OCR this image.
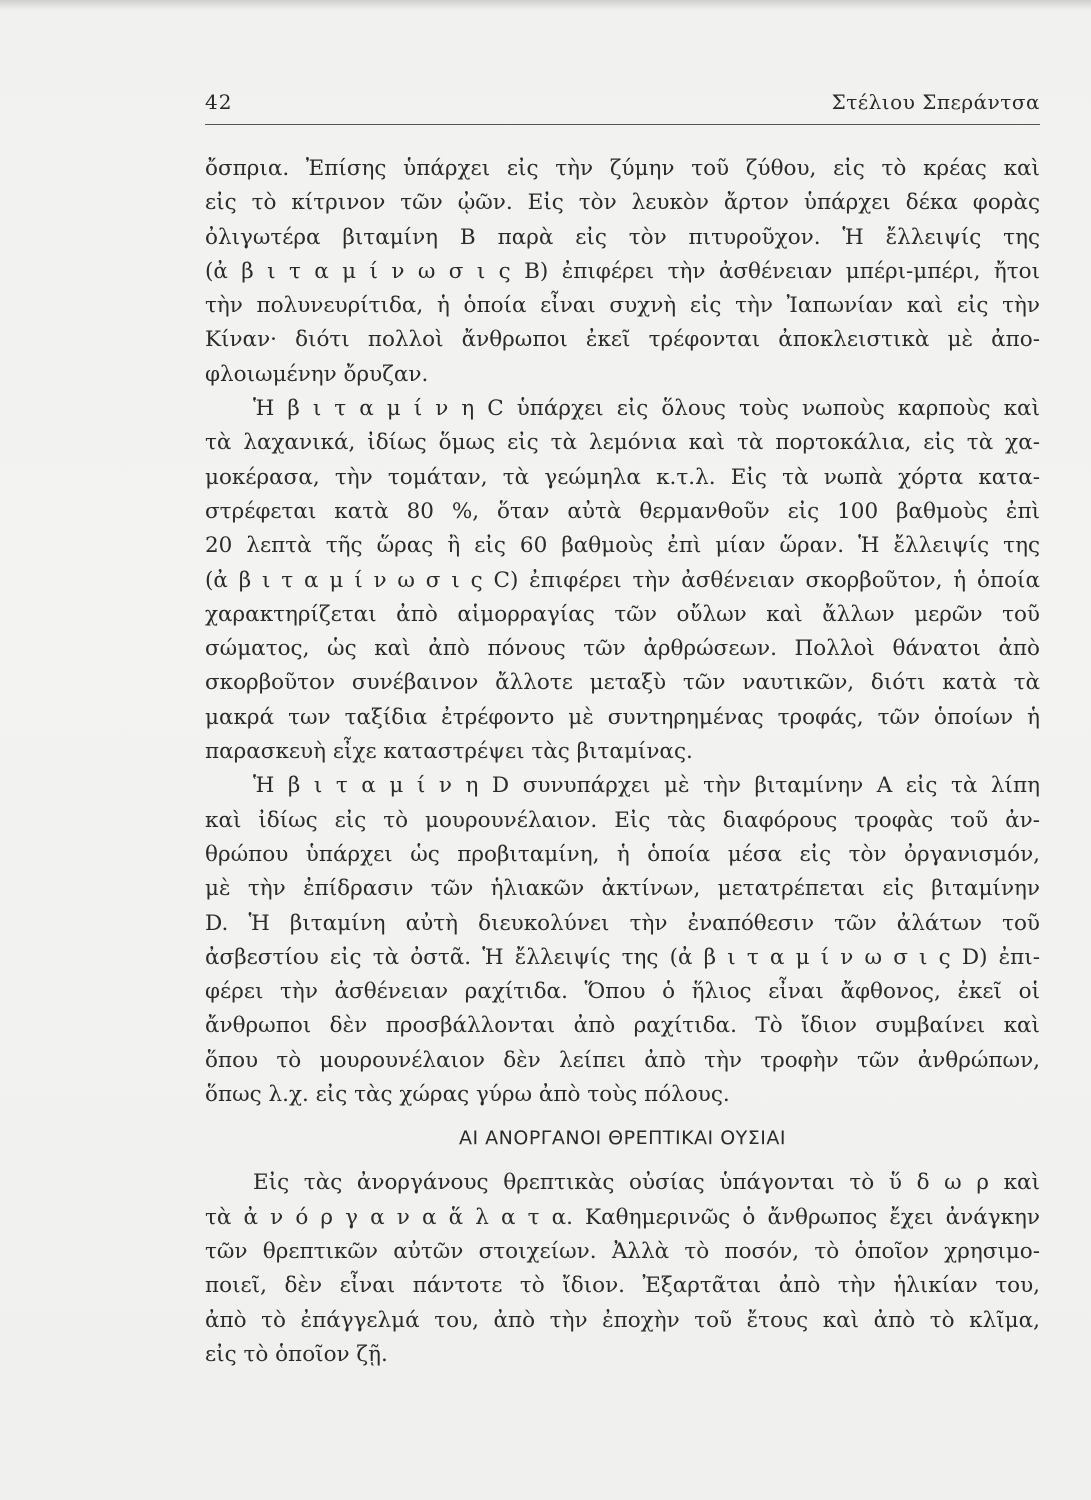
42	Στέλιου Σπεράντσα
ὄσπρια. Ἐπίσης ὑπάρχει εἰς τὴν ζύμην τοῦ ζύθου, εἰς τὸ κρέας καὶ
εἰς τὸ κίτρινον τῶν ᾠῶν. Εἰς τὸν λευκὸν ἄρτον ὑπάρχει δέκα φορὰς
ὀλιγωτέρα βιταμίνη B παρὰ εἰς τὸν πιτυροῦχον. Ἡ ἔλλειψίς της
(ἀ β ι τ α μ ί ν ω σ ι ς B) ἐπιφέρει τὴν ἀσθένειαν μπέρι-μπέρι, ἤτοι
τὴν πολυνευρίτιδα, ἡ ὁποία εἶναι συχνὴ εἰς τὴν Ἰαπωνίαν καὶ εἰς τὴν
Κίναν· διότι πολλοὶ ἄνθρωποι ἐκεῖ τρέφονται ἀποκλειστικὰ μὲ ἀπο-
φλοιωμένην ὄρυζαν.
Ἡ β ι τ α μ ί ν η C ὑπάρχει εἰς ὅλους τοὺς νωποὺς καρποὺς καὶ
τὰ λαχανικά, ἰδίως ὅμως εἰς τὰ λεμόνια καὶ τὰ πορτοκάλια, εἰς τὰ χα-
μοκέρασα, τὴν τομάταν, τὰ γεώμηλα κ.τ.λ. Εἰς τὰ νωπὰ χόρτα κατα-
στρέφεται κατὰ 80 %, ὅταν αὐτὰ θερμανθοῦν εἰς 100 βαθμοὺς ἐπὶ
20 λεπτὰ τῆς ὥρας ἢ εἰς 60 βαθμοὺς ἐπὶ μίαν ὥραν. Ἡ ἔλλειψίς της
(ἀ β ι τ α μ ί ν ω σ ι ς C) ἐπιφέρει τὴν ἀσθένειαν σκορβοῦτον, ἡ ὁποία
χαρακτηρίζεται ἀπὸ αἱμορραγίας τῶν οὔλων καὶ ἄλλων μερῶν τοῦ
σώματος, ὡς καὶ ἀπὸ πόνους τῶν ἀρθρώσεων. Πολλοὶ θάνατοι ἀπὸ
σκορβοῦτον συνέβαινον ἄλλοτε μεταξὺ τῶν ναυτικῶν, διότι κατὰ τὰ
μακρά των ταξίδια ἐτρέφοντο μὲ συντηρημένας τροφάς, τῶν ὁποίων ἡ
παρασκευὴ εἶχε καταστρέψει τὰς βιταμίνας.
Ἡ β ι τ α μ ί ν η D συνυπάρχει μὲ τὴν βιταμίνην A εἰς τὰ λίπη
καὶ ἰδίως εἰς τὸ μουρουνέλαιον. Εἰς τὰς διαφόρους τροφὰς τοῦ ἀν-
θρώπου ὑπάρχει ὡς προβιταμίνη, ἡ ὁποία μέσα εἰς τὸν ὀργανισμόν,
μὲ τὴν ἐπίδρασιν τῶν ἡλιακῶν ἀκτίνων, μετατρέπεται εἰς βιταμίνην
D. Ἡ βιταμίνη αὐτὴ διευκολύνει τὴν ἐναπόθεσιν τῶν ἀλάτων τοῦ
ἀσβεστίου εἰς τὰ ὀστᾶ. Ἡ ἔλλειψίς της (ἀ β ι τ α μ ί ν ω σ ι ς D) ἐπι-
φέρει τὴν ἀσθένειαν ραχίτιδα. Ὅπου ὁ ἥλιος εἶναι ἄφθονος, ἐκεῖ οἱ
ἄνθρωποι δὲν προσβάλλονται ἀπὸ ραχίτιδα. Τὸ ἴδιον συμβαίνει καὶ
ὅπου τὸ μουρουνέλαιον δὲν λείπει ἀπὸ τὴν τροφὴν τῶν ἀνθρώπων,
ὅπως λ.χ. εἰς τὰς χώρας γύρω ἀπὸ τοὺς πόλους.
ΑΙ ΑΝΟΡΓΑΝΟΙ ΘΡΕΠΤΙΚΑΙ ΟΥΣΙΑΙ
Εἰς τὰς ἀνοργάνους θρεπτικὰς οὐσίας ὑπάγονται τὸ ὕ δ ω ρ καὶ
τὰ ἀ ν ό ρ γ α ν α ἅ λ α τ α. Καθημερινῶς ὁ ἄνθρωπος ἔχει ἀνάγκην
τῶν θρεπτικῶν αὐτῶν στοιχείων. Ἀλλὰ τὸ ποσόν, τὸ ὁποῖον χρησιμο-
ποιεῖ, δὲν εἶναι πάντοτε τὸ ἴδιον. Ἐξαρτᾶται ἀπὸ τὴν ἡλικίαν του,
ἀπὸ τὸ ἐπάγγελμά του, ἀπὸ τὴν ἐποχὴν τοῦ ἔτους καὶ ἀπὸ τὸ κλῖμα,
εἰς τὸ ὁποῖον ζῇ.
